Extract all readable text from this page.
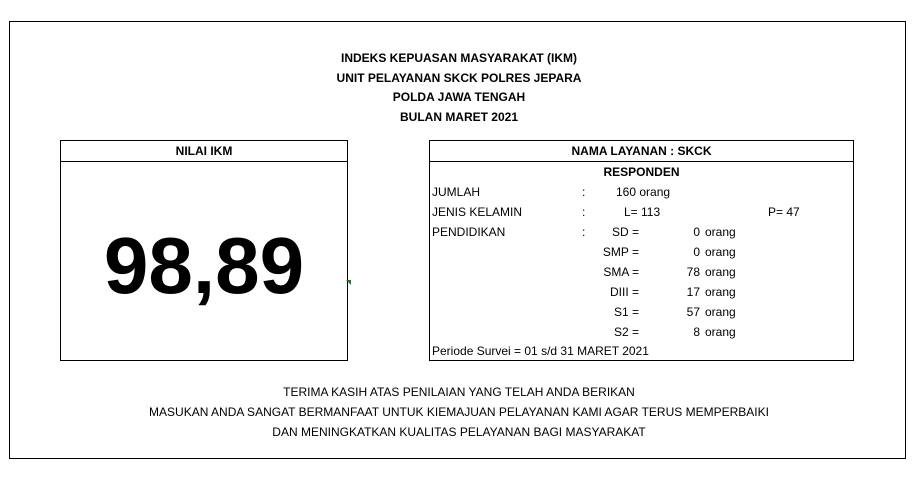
INDEKS KEPUASAN MASYARAKAT (IKM)
UNIT PELAYANAN SKCK POLRES JEPARA
POLDA JAWA TENGAH
BULAN MARET 2021
NILAI IKM
98,89
NAMA LAYANAN : SKCK
RESPONDEN
JUMLAH	:	160 orang
JENIS KELAMIN	:	L= 113	P= 47
PENDIDIKAN	:	SD =	0 orang
SMP =	0 orang
SMA =	78 orang
DIII =	17 orang
S1 =	57 orang
S2 =	8 orang
Periode Survei = 01 s/d 31 MARET 2021
TERIMA KASIH ATAS PENILAIAN YANG TELAH ANDA BERIKAN
MASUKAN ANDA SANGAT BERMANFAAT UNTUK KIEMAJUAN PELAYANAN KAMI AGAR TERUS MEMPERBAIKI
DAN MENINGKATKAN KUALITAS PELAYANAN BAGI MASYARAKAT
